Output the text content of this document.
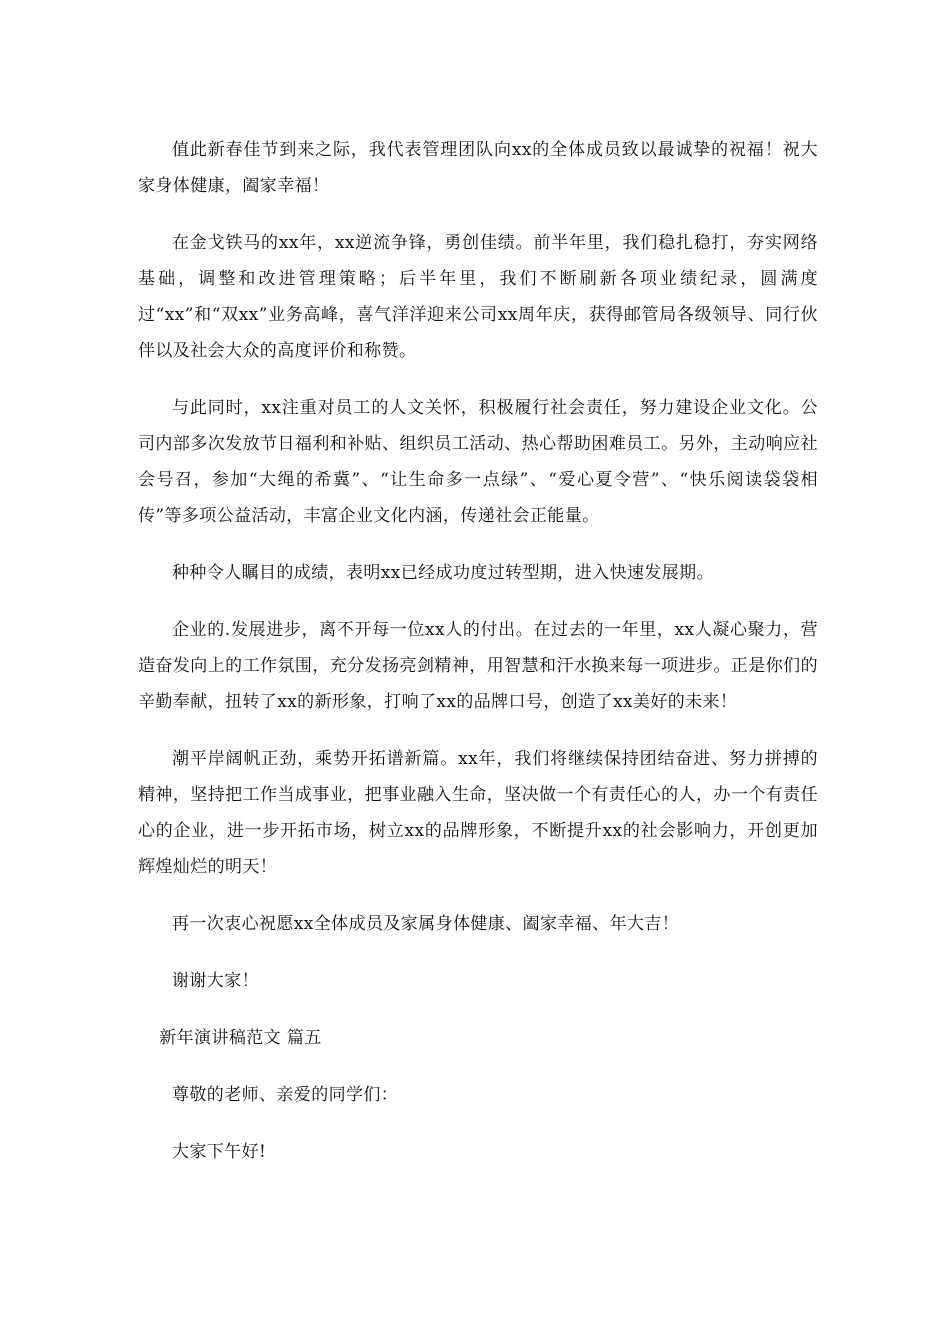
值此新春佳节到来之际，我代表管理团队向xx的全体成员致以最诚挚的祝福！祝大家身体健康，阖家幸福！

在金戈铁马的xx年，xx逆流争锋，勇创佳绩。前半年里，我们稳扎稳打，夯实网络基础，调整和改进管理策略；后半年里，我们不断刷新各项业绩纪录，圆满度过“xx”和“双xx”业务高峰，喜气洋洋迎来公司xx周年庆，获得邮管局各级领导、同行伙伴以及社会大众的高度评价和称赞。

与此同时，xx注重对员工的人文关怀，积极履行社会责任，努力建设企业文化。公司内部多次发放节日福利和补贴、组织员工活动、热心帮助困难员工。另外，主动响应社会号召，参加“大绳的希冀”、“让生命多一点绿”、“爱心夏令营”、“快乐阅读袋袋相传”等多项公益活动，丰富企业文化内涵，传递社会正能量。

种种令人瞩目的成绩，表明xx已经成功度过转型期，进入快速发展期。

企业的.发展进步，离不开每一位xx人的付出。在过去的一年里，xx人凝心聚力，营造奋发向上的工作氛围，充分发扬亮剑精神，用智慧和汗水换来每一项进步。正是你们的辛勤奉献，扭转了xx的新形象，打响了xx的品牌口号，创造了xx美好的未来！

潮平岸阔帆正劲，乘势开拓谱新篇。xx年，我们将继续保持团结奋进、努力拼搏的精神，坚持把工作当成事业，把事业融入生命，坚决做一个有责任心的人，办一个有责任心的企业，进一步开拓市场，树立xx的品牌形象，不断提升xx的社会影响力，开创更加辉煌灿烂的明天！

再一次衷心祝愿xx全体成员及家属身体健康、阖家幸福、年大吉！

谢谢大家！

新年演讲稿范文 篇五

尊敬的老师、亲爱的同学们：

大家下午好!
